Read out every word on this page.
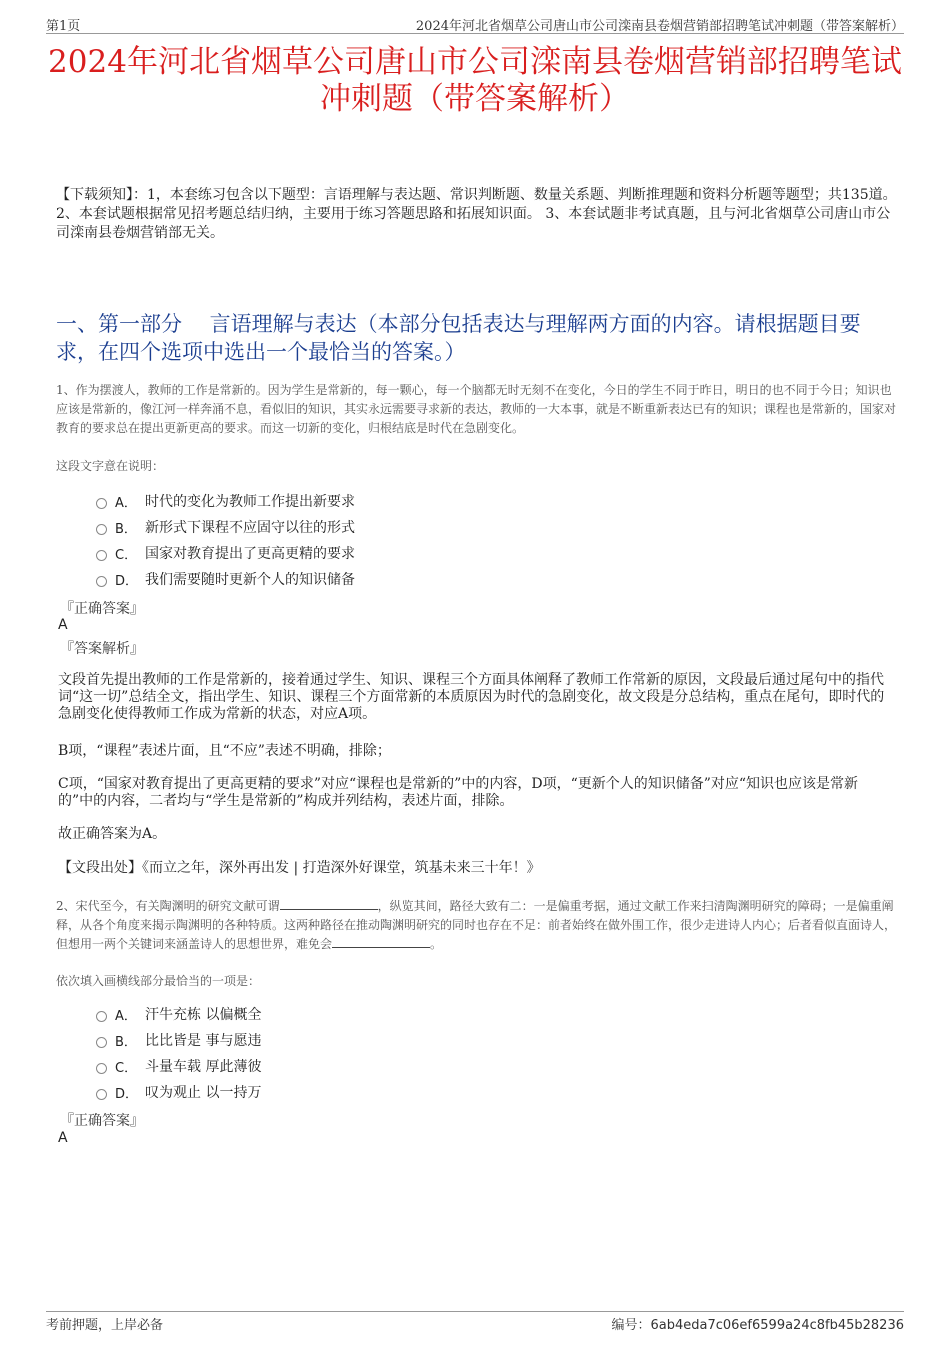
第1页	2024年河北省烟草公司唐山市公司滦南县卷烟营销部招聘笔试冲刺题（带答案解析）
2024年河北省烟草公司唐山市公司滦南县卷烟营销部招聘笔试
冲刺题（带答案解析）
【下载须知】：1，本套练习包含以下题型：言语理解与表达题、常识判断题、数量关系题、判断推理题和资料分析题等题型；共135道。 2、本套试题根据常见招考题总结归纳，主要用于练习答题思路和拓展知识面。 3、本套试题非考试真题，且与河北省烟草公司唐山市公司滦南县卷烟营销部无关。
一、第一部分　 言语理解与表达（本部分包括表达与理解两方面的内容。请根据题目要求，在四个选项中选出一个最恰当的答案。）
1、作为摆渡人，教师的工作是常新的。因为学生是常新的，每一颗心，每一个脑都无时无刻不在变化，今日的学生不同于昨日，明日的也不同于今日；知识也应该是常新的，像江河一样奔涌不息，看似旧的知识，其实永远需要寻求新的表达，教师的一大本事，就是不断重新表达已有的知识；课程也是常新的，国家对教育的要求总在提出更新更高的要求。而这一切新的变化，归根结底是时代在急剧变化。
这段文字意在说明：
A． 时代的变化为教师工作提出新要求
B． 新形式下课程不应固守以往的形式
C． 国家对教育提出了更高更精的要求
D． 我们需要随时更新个人的知识储备
『正确答案』
A
『答案解析』
文段首先提出教师的工作是常新的，接着通过学生、知识、课程三个方面具体阐释了教师工作常新的原因，文段最后通过尾句中的指代词“这一切”总结全文，指出学生、知识、课程三个方面常新的本质原因为时代的急剧变化，故文段是分总结构，重点在尾句，即时代的急剧变化使得教师工作成为常新的状态，对应A项。
B项，“课程”表述片面，且“不应”表述不明确，排除；
C项，“国家对教育提出了更高更精的要求”对应“课程也是常新的”中的内容，D项，“更新个人的知识储备”对应“知识也应该是常新的”中的内容，二者均与“学生是常新的”构成并列结构，表述片面，排除。
故正确答案为A。
【文段出处】《而立之年，深外再出发 | 打造深外好课堂，筑基未来三十年！》
2、宋代至今，有关陶渊明的研究文献可谓	，纵览其间，路径大致有二：一是偏重考据，通过文献工作来扫清陶渊明研究的障碍；一是偏重阐释，从各个角度来揭示陶渊明的各种特质。这两种路径在推动陶渊明研究的同时也存在不足：前者始终在做外围工作，很少走进诗人内心；后者看似直面诗人，但想用一两个关键词来涵盖诗人的思想世界，难免会	。
依次填入画横线部分最恰当的一项是：
A． 汗牛充栋 以偏概全
B． 比比皆是 事与愿违
C． 斗量车载 厚此薄彼
D． 叹为观止 以一持万
『正确答案』
A
考前押题，上岸必备	编号：6ab4eda7c06ef6599a24c8fb45b28236
